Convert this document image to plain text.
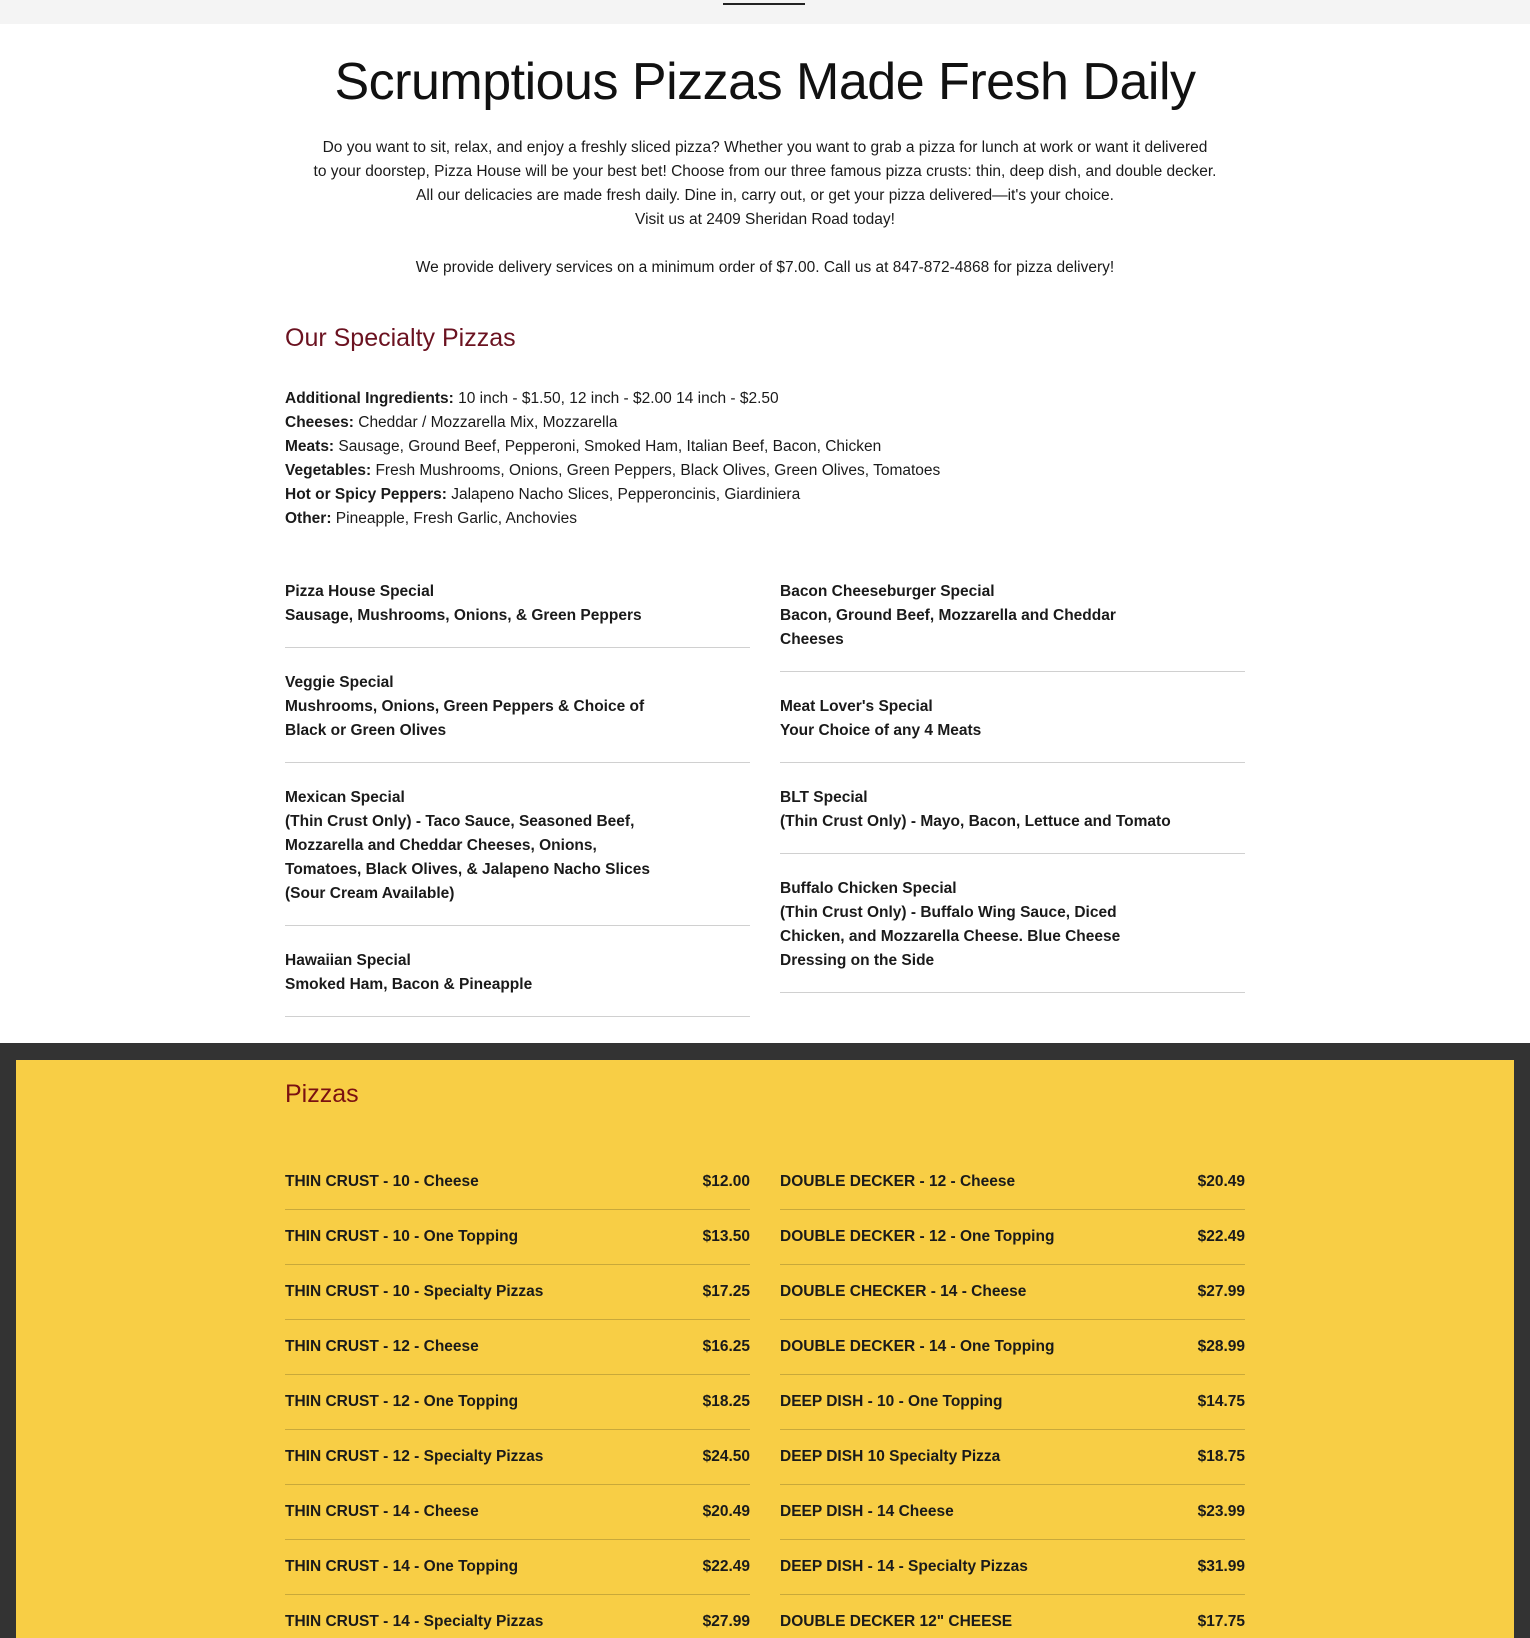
Scrumptious Pizzas Made Fresh Daily

Do you want to sit, relax, and enjoy a freshly sliced pizza? Whether you want to grab a pizza for lunch at work or want it delivered

to your doorstep, Pizza House will be your best bet! Choose from our three famous pizza crusts: thin, deep dish, and double decker.

All our delicacies are made fresh daily. Dine in, carry out, or get your pizza delivered—it's your choice.

Visit us at 2409 Sheridan Road today!

We provide delivery services on a minimum order of $7.00. Call us at 847-872-4868 for pizza delivery!

Our Specialty Pizzas
Additional Ingredients: 10 inch - $1.50, 12 inch - $2.00 14 inch - $2.50
Cheeses: Cheddar / Mozzarella Mix, Mozzarella
Meats: Sausage, Ground Beef, Pepperoni, Smoked Ham, Italian Beef, Bacon, Chicken
Vegetables: Fresh Mushrooms, Onions, Green Peppers, Black Olives, Green Olives, Tomatoes
Hot or Spicy Peppers: Jalapeno Nacho Slices, Pepperoncinis, Giardiniera
Other: Pineapple, Fresh Garlic, Anchovies
Pizza House Special
Sausage, Mushrooms, Onions, & Green Peppers
Veggie Special
Mushrooms, Onions, Green Peppers & Choice of Black or Green Olives
Mexican Special
(Thin Crust Only) - Taco Sauce, Seasoned Beef, Mozzarella and Cheddar Cheeses, Onions, Tomatoes, Black Olives, & Jalapeno Nacho Slices (Sour Cream Available)
Hawaiian Special
Smoked Ham, Bacon & Pineapple
Bacon Cheeseburger Special
Bacon, Ground Beef, Mozzarella and Cheddar Cheeses
Meat Lover's Special
Your Choice of any 4 Meats
BLT Special
(Thin Crust Only) - Mayo, Bacon, Lettuce and Tomato
Buffalo Chicken Special
(Thin Crust Only) - Buffalo Wing Sauce, Diced Chicken, and Mozzarella Cheese. Blue Cheese Dressing on the Side
Pizzas
THIN CRUST - 10 - Cheese	$12.00
THIN CRUST - 10 - One Topping	$13.50
THIN CRUST - 10 - Specialty Pizzas	$17.25
THIN CRUST - 12 - Cheese	$16.25
THIN CRUST - 12 - One Topping	$18.25
THIN CRUST - 12 - Specialty Pizzas	$24.50
THIN CRUST - 14 - Cheese	$20.49
THIN CRUST - 14 - One Topping	$22.49
THIN CRUST - 14 - Specialty Pizzas	$27.99
DOUBLE DECKER - 12 - Cheese	$20.49
DOUBLE DECKER - 12 - One Topping	$22.49
DOUBLE CHECKER - 14 - Cheese	$27.99
DOUBLE DECKER - 14 - One Topping	$28.99
DEEP DISH - 10 - One Topping	$14.75
DEEP DISH 10 Specialty Pizza	$18.75
DEEP DISH - 14 Cheese	$23.99
DEEP DISH - 14 - Specialty Pizzas	$31.99
DOUBLE DECKER 12" CHEESE	$17.75
